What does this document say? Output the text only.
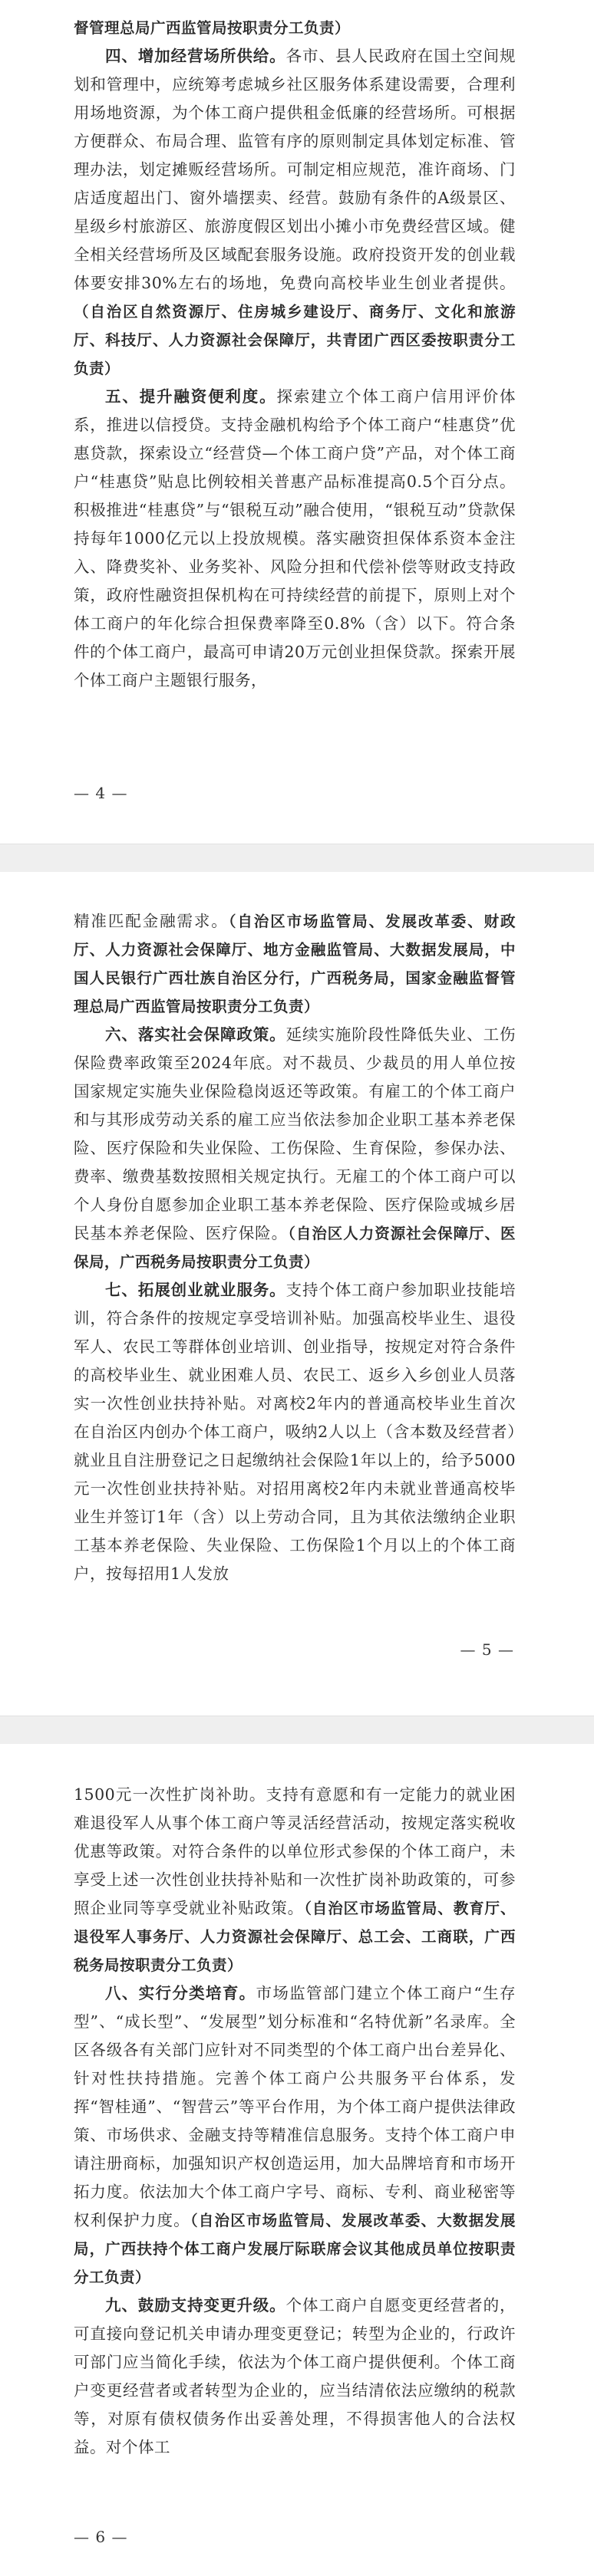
督管理总局广西监管局按职责分工负责）

四、增加经营场所供给。各市、县人民政府在国土空间规划和管理中，应统筹考虑城乡社区服务体系建设需要，合理利用场地资源，为个体工商户提供租金低廉的经营场所。可根据方便群众、布局合理、监管有序的原则制定具体划定标准、管理办法，划定摊贩经营场所。可制定相应规范，准许商场、门店适度超出门、窗外墙摆卖、经营。鼓励有条件的A级景区、星级乡村旅游区、旅游度假区划出小摊小市免费经营区域。健全相关经营场所及区域配套服务设施。政府投资开发的创业载体要安排30%左右的场地，免费向高校毕业生创业者提供。（自治区自然资源厅、住房城乡建设厅、商务厅、文化和旅游厅、科技厅、人力资源社会保障厅，共青团广西区委按职责分工负责）

五、提升融资便利度。探索建立个体工商户信用评价体系，推进以信授贷。支持金融机构给予个体工商户“桂惠贷”优惠贷款，探索设立“经营贷—个体工商户贷”产品，对个体工商户“桂惠贷”贴息比例较相关普惠产品标准提高0.5个百分点。积极推进“桂惠贷”与“银税互动”融合使用，“银税互动”贷款保持每年1000亿元以上投放规模。落实融资担保体系资本金注入、降费奖补、业务奖补、风险分担和代偿补偿等财政支持政策，政府性融资担保机构在可持续经营的前提下，原则上对个体工商户的年化综合担保费率降至0.8%（含）以下。符合条件的个体工商户，最高可申请20万元创业担保贷款。探索开展个体工商户主题银行服务，

— 4 —

精准匹配金融需求。（自治区市场监管局、发展改革委、财政厅、人力资源社会保障厅、地方金融监管局、大数据发展局，中国人民银行广西壮族自治区分行，广西税务局，国家金融监督管理总局广西监管局按职责分工负责）

六、落实社会保障政策。延续实施阶段性降低失业、工伤保险费率政策至2024年底。对不裁员、少裁员的用人单位按国家规定实施失业保险稳岗返还等政策。有雇工的个体工商户和与其形成劳动关系的雇工应当依法参加企业职工基本养老保险、医疗保险和失业保险、工伤保险、生育保险，参保办法、费率、缴费基数按照相关规定执行。无雇工的个体工商户可以个人身份自愿参加企业职工基本养老保险、医疗保险或城乡居民基本养老保险、医疗保险。（自治区人力资源社会保障厅、医保局，广西税务局按职责分工负责）

七、拓展创业就业服务。支持个体工商户参加职业技能培训，符合条件的按规定享受培训补贴。加强高校毕业生、退役军人、农民工等群体创业培训、创业指导，按规定对符合条件的高校毕业生、就业困难人员、农民工、返乡入乡创业人员落实一次性创业扶持补贴。对离校2年内的普通高校毕业生首次在自治区内创办个体工商户，吸纳2人以上（含本数及经营者）就业且自注册登记之日起缴纳社会保险1年以上的，给予5000元一次性创业扶持补贴。对招用离校2年内未就业普通高校毕业生并签订1年（含）以上劳动合同，且为其依法缴纳企业职工基本养老保险、失业保险、工伤保险1个月以上的个体工商户，按每招用1人发放

— 5 —

1500元一次性扩岗补助。支持有意愿和有一定能力的就业困难退役军人从事个体工商户等灵活经营活动，按规定落实税收优惠等政策。对符合条件的以单位形式参保的个体工商户，未享受上述一次性创业扶持补贴和一次性扩岗补助政策的，可参照企业同等享受就业补贴政策。（自治区市场监管局、教育厅、退役军人事务厅、人力资源社会保障厅、总工会、工商联，广西税务局按职责分工负责）

八、实行分类培育。市场监管部门建立个体工商户“生存型”、“成长型”、“发展型”划分标准和“名特优新”名录库。全区各级各有关部门应针对不同类型的个体工商户出台差异化、针对性扶持措施。完善个体工商户公共服务平台体系，发挥“智桂通”、“智营云”等平台作用，为个体工商户提供法律政策、市场供求、金融支持等精准信息服务。支持个体工商户申请注册商标，加强知识产权创造运用，加大品牌培育和市场开拓力度。依法加大个体工商户字号、商标、专利、商业秘密等权利保护力度。（自治区市场监管局、发展改革委、大数据发展局，广西扶持个体工商户发展厅际联席会议其他成员单位按职责分工负责）

九、鼓励支持变更升级。个体工商户自愿变更经营者的，可直接向登记机关申请办理变更登记；转型为企业的，行政许可部门应当简化手续，依法为个体工商户提供便利。个体工商户变更经营者或者转型为企业的，应当结清依法应缴纳的税款等，对原有债权债务作出妥善处理，不得损害他人的合法权益。对个体工

— 6 —
